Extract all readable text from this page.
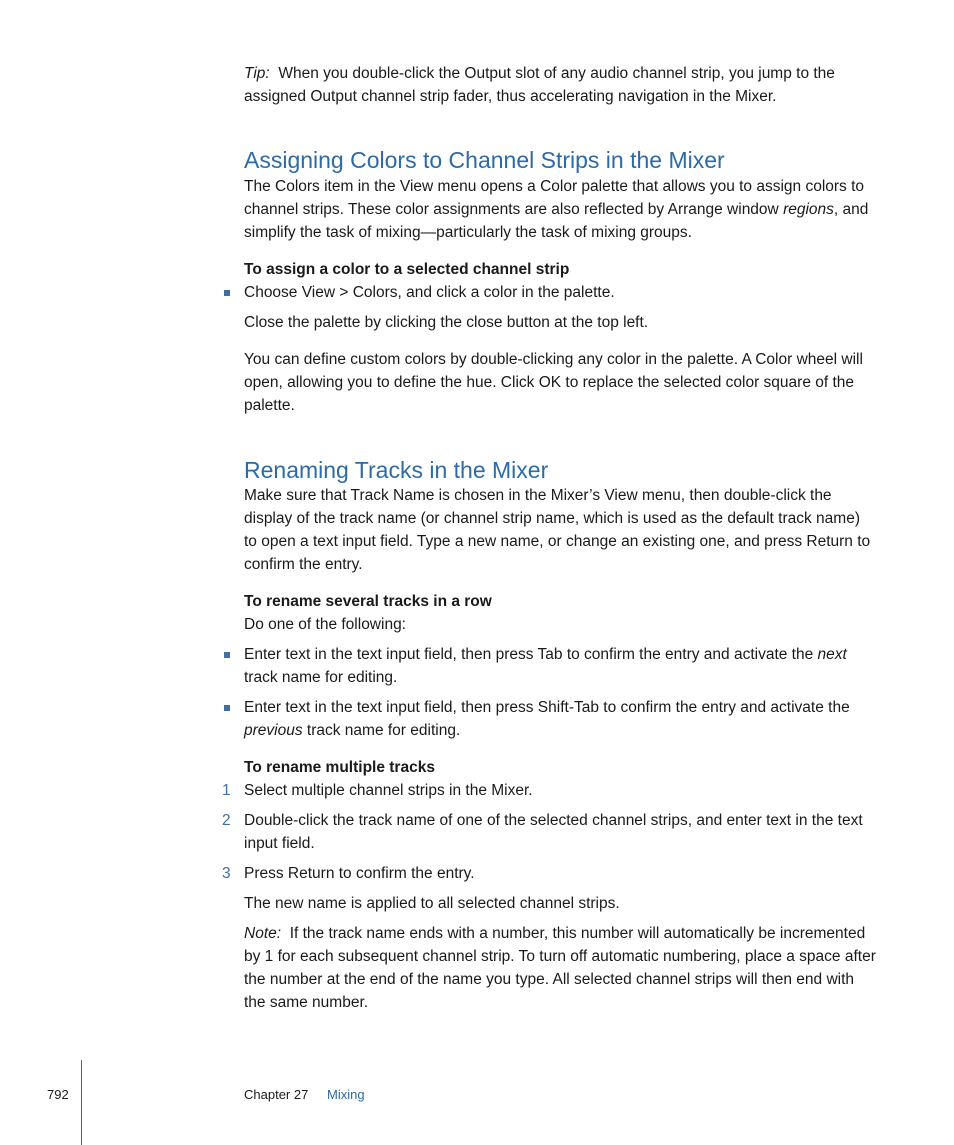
Tip: When you double-click the Output slot of any audio channel strip, you jump to the assigned Output channel strip fader, thus accelerating navigation in the Mixer.

Assigning Colors to Channel Strips in the Mixer

The Colors item in the View menu opens a Color palette that allows you to assign colors to channel strips. These color assignments are also reflected by Arrange window regions, and simplify the task of mixing—particularly the task of mixing groups.

To assign a color to a selected channel strip

Choose View > Colors, and click a color in the palette.

Close the palette by clicking the close button at the top left.

You can define custom colors by double-clicking any color in the palette. A Color wheel will open, allowing you to define the hue. Click OK to replace the selected color square of the palette.

Renaming Tracks in the Mixer

Make sure that Track Name is chosen in the Mixer’s View menu, then double-click the display of the track name (or channel strip name, which is used as the default track name) to open a text input field. Type a new name, or change an existing one, and press Return to confirm the entry.

To rename several tracks in a row

Do one of the following:

Enter text in the text input field, then press Tab to confirm the entry and activate the next track name for editing.
Enter text in the text input field, then press Shift-Tab to confirm the entry and activate the previous track name for editing.

To rename multiple tracks

1 Select multiple channel strips in the Mixer.
2 Double-click the track name of one of the selected channel strips, and enter text in the text input field.
3 Press Return to confirm the entry.

The new name is applied to all selected channel strips.

Note: If the track name ends with a number, this number will automatically be incremented by 1 for each subsequent channel strip. To turn off automatic numbering, place a space after the number at the end of the name you type. All selected channel strips will then end with the same number.

792	Chapter 27 Mixing
